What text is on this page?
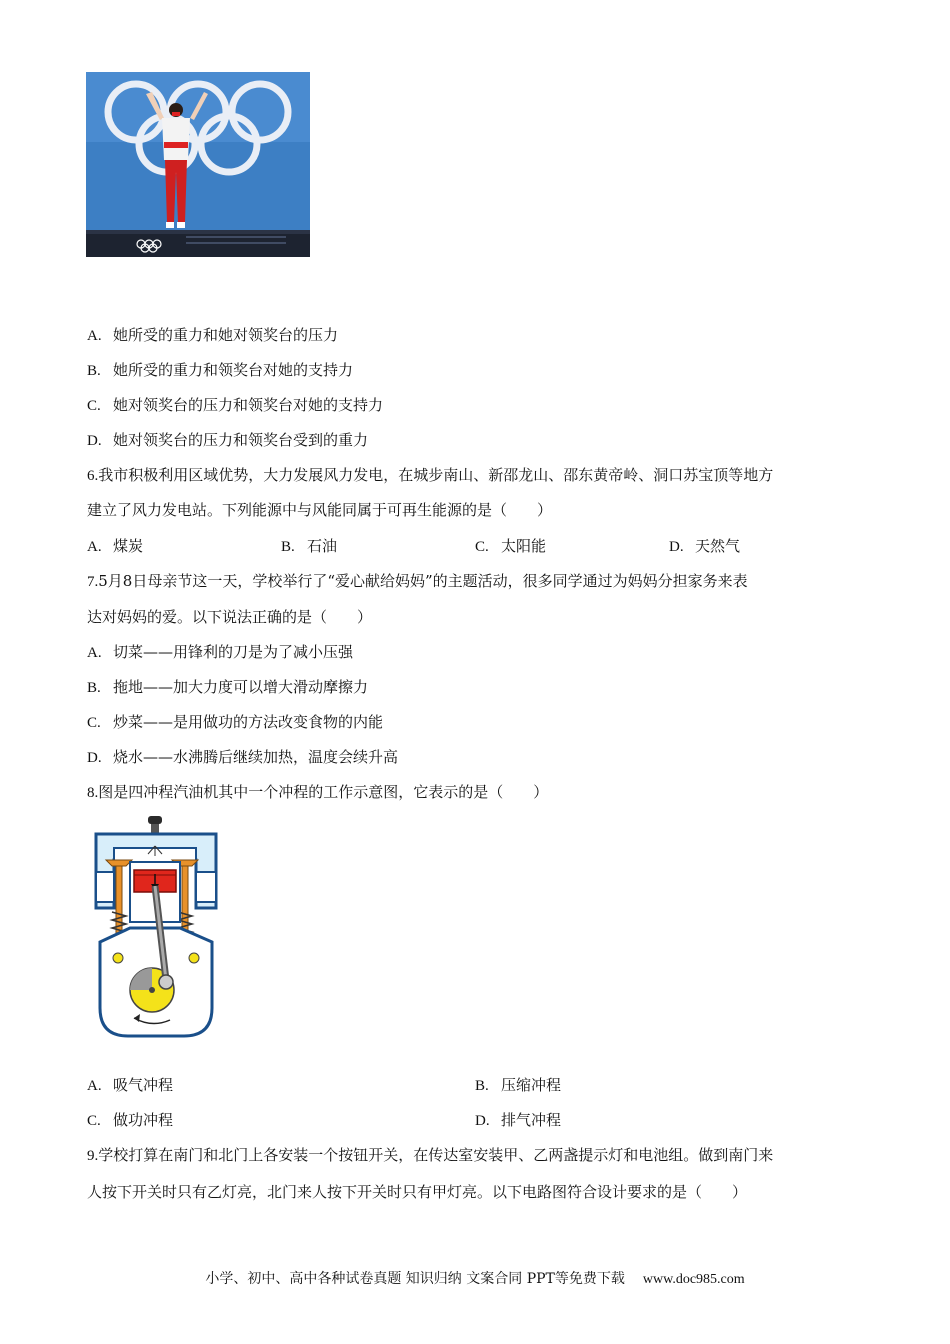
A. 她所受的重力和她对领奖台的压力
B. 她所受的重力和领奖台对她的支持力
C. 她对领奖台的压力和领奖台对她的支持力
D. 她对领奖台的压力和领奖台受到的重力
6.我市积极利用区域优势，大力发展风力发电，在城步南山、新邵龙山、邵东黄帝岭、洞口苏宝顶等地方
建立了风力发电站。下列能源中与风能同属于可再生能源的是（　　）
A. 煤炭	B. 石油	C. 太阳能	D. 天然气
7.5月8日母亲节这一天，学校举行了“爱心献给妈妈”的主题活动，很多同学通过为妈妈分担家务来表
达对妈妈的爱。以下说法正确的是（　　）
A. 切菜——用锋利的刀是为了减小压强
B. 拖地——加大力度可以增大滑动摩擦力
C. 炒菜——是用做功的方法改变食物的内能
D. 烧水——水沸腾后继续加热，温度会续升高
8.图是四冲程汽油机其中一个冲程的工作示意图，它表示的是（　　）
A. 吸气冲程	B. 压缩冲程
C. 做功冲程	D. 排气冲程
9.学校打算在南门和北门上各安装一个按钮开关，在传达室安装甲、乙两盏提示灯和电池组。做到南门来
人按下开关时只有乙灯亮，北门来人按下开关时只有甲灯亮。以下电路图符合设计要求的是（　　）
小学、初中、高中各种试卷真题 知识归纳 文案合同 PPT等免费下载 www.doc985.com
